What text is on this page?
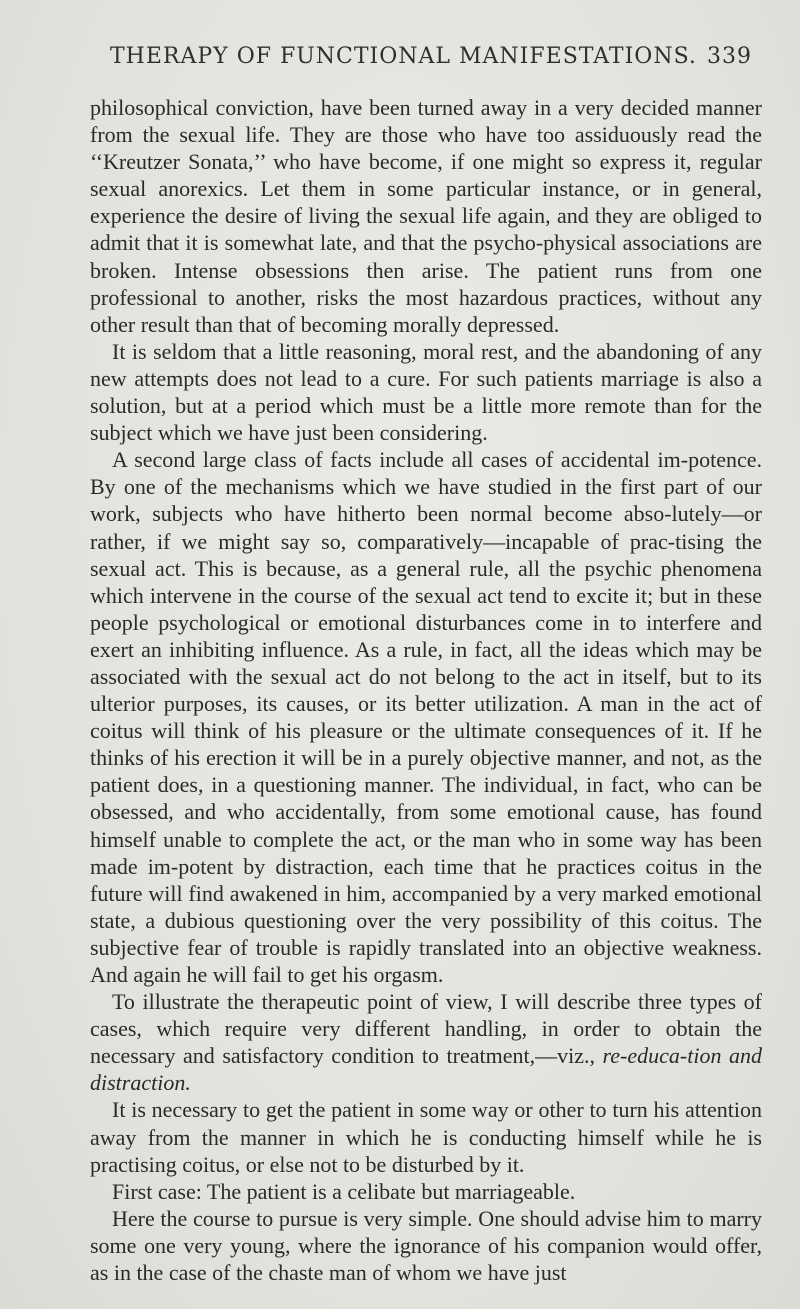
THERAPY OF FUNCTIONAL MANIFESTATIONS. 339

philosophical conviction, have been turned away in a very decided manner from the sexual life. They are those who have too assiduously read the ‘‘Kreutzer Sonata,’’ who have become, if one might so express it, regular sexual anorexics. Let them in some particular instance, or in general, experience the desire of living the sexual life again, and they are obliged to admit that it is somewhat late, and that the psycho-physical associations are broken. Intense obsessions then arise. The patient runs from one professional to another, risks the most hazardous practices, without any other result than that of becoming morally depressed.

It is seldom that a little reasoning, moral rest, and the abandoning of any new attempts does not lead to a cure. For such patients marriage is also a solution, but at a period which must be a little more remote than for the subject which we have just been considering.

A second large class of facts include all cases of accidental im-potence. By one of the mechanisms which we have studied in the first part of our work, subjects who have hitherto been normal become abso-lutely—or rather, if we might say so, comparatively—incapable of prac-tising the sexual act. This is because, as a general rule, all the psychic phenomena which intervene in the course of the sexual act tend to excite it; but in these people psychological or emotional disturbances come in to interfere and exert an inhibiting influence. As a rule, in fact, all the ideas which may be associated with the sexual act do not belong to the act in itself, but to its ulterior purposes, its causes, or its better utilization. A man in the act of coitus will think of his pleasure or the ultimate consequences of it. If he thinks of his erection it will be in a purely objective manner, and not, as the patient does, in a questioning manner. The individual, in fact, who can be obsessed, and who accidentally, from some emotional cause, has found himself unable to complete the act, or the man who in some way has been made im-potent by distraction, each time that he practices coitus in the future will find awakened in him, accompanied by a very marked emotional state, a dubious questioning over the very possibility of this coitus. The subjective fear of trouble is rapidly translated into an objective weakness. And again he will fail to get his orgasm.

To illustrate the therapeutic point of view, I will describe three types of cases, which require very different handling, in order to obtain the necessary and satisfactory condition to treatment,—viz., re-educa-tion and distraction.

It is necessary to get the patient in some way or other to turn his attention away from the manner in which he is conducting himself while he is practising coitus, or else not to be disturbed by it.

First case: The patient is a celibate but marriageable.

Here the course to pursue is very simple. One should advise him to marry some one very young, where the ignorance of his companion would offer, as in the case of the chaste man of whom we have just
